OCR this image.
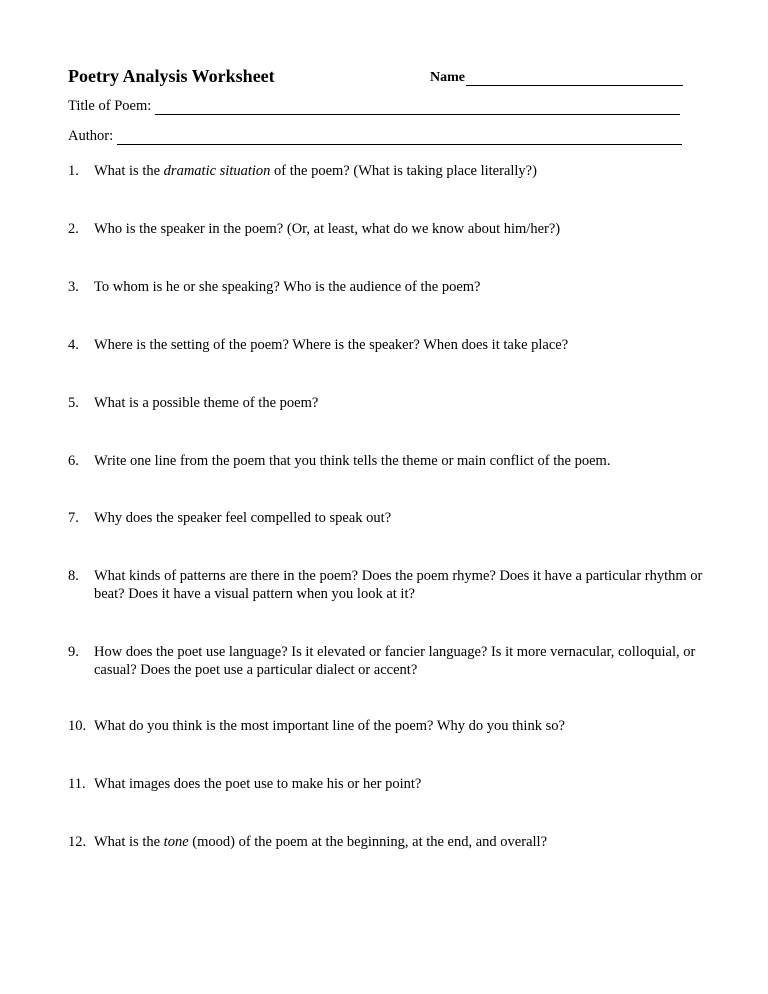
Poetry Analysis Worksheet	Name
Title of Poem:
Author:
1. What is the dramatic situation of the poem? (What is taking place literally?)
2. Who is the speaker in the poem? (Or, at least, what do we know about him/her?)
3. To whom is he or she speaking? Who is the audience of the poem?
4. Where is the setting of the poem? Where is the speaker? When does it take place?
5. What is a possible theme of the poem?
6. Write one line from the poem that you think tells the theme or main conflict of the poem.
7. Why does the speaker feel compelled to speak out?
8. What kinds of patterns are there in the poem? Does the poem rhyme? Does it have a particular rhythm or beat? Does it have a visual pattern when you look at it?
9. How does the poet use language? Is it elevated or fancier language? Is it more vernacular, colloquial, or casual? Does the poet use a particular dialect or accent?
10. What do you think is the most important line of the poem? Why do you think so?
11. What images does the poet use to make his or her point?
12. What is the tone (mood) of the poem at the beginning, at the end, and overall?
